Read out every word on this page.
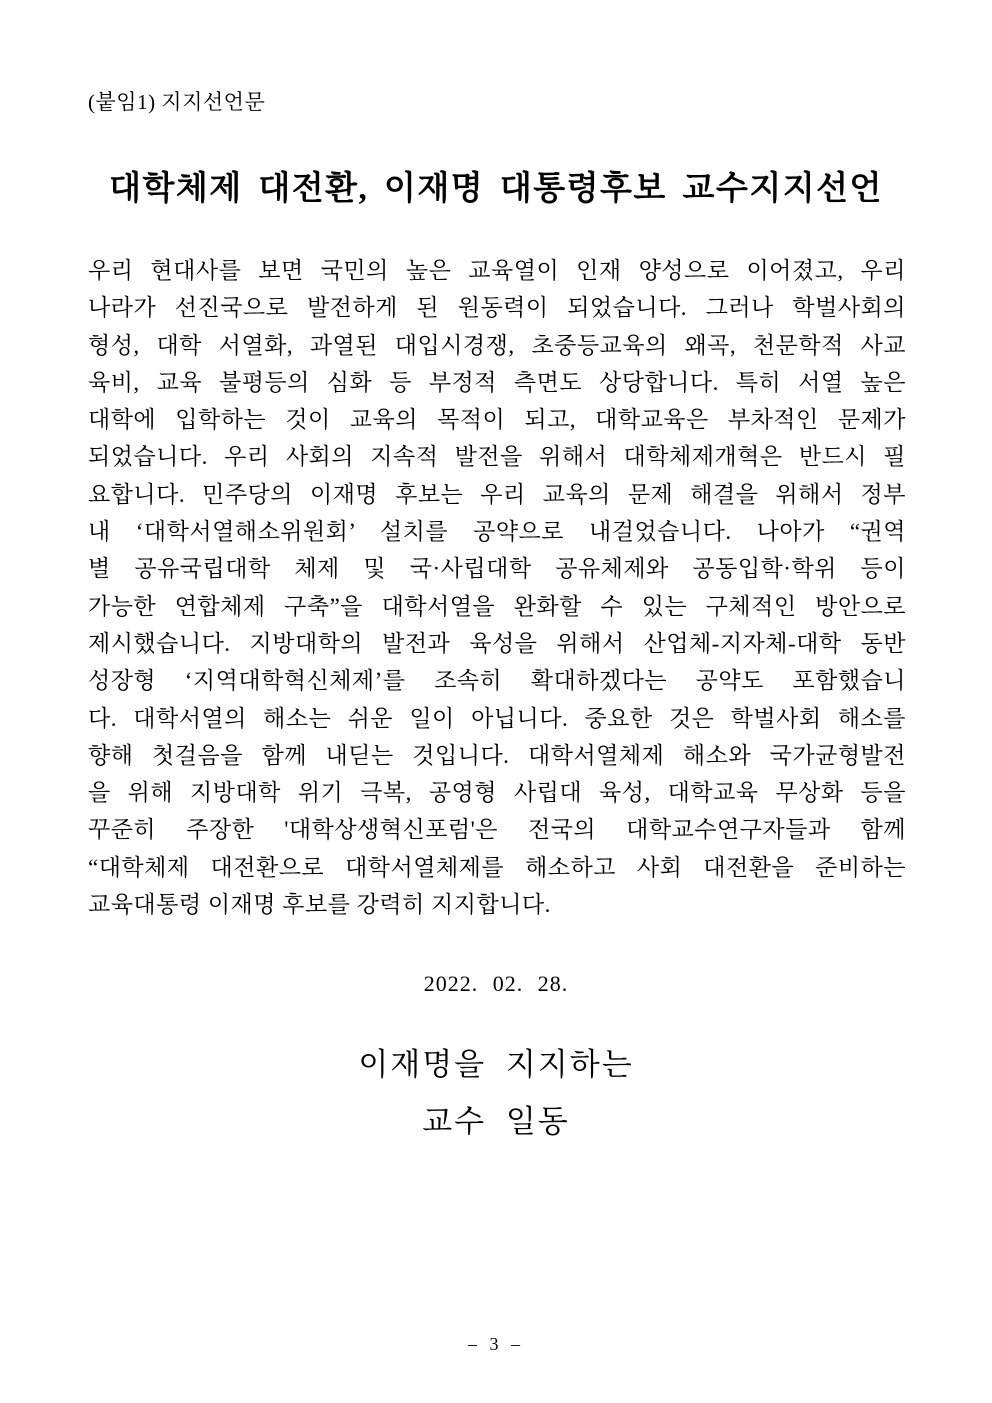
(붙임1) 지지선언문
대학체제 대전환, 이재명 대통령후보 교수지지선언
우리 현대사를 보면 국민의 높은 교육열이 인재 양성으로 이어졌고, 우리
나라가 선진국으로 발전하게 된 원동력이 되었습니다. 그러나 학벌사회의
형성, 대학 서열화, 과열된 대입시경쟁, 초중등교육의 왜곡, 천문학적 사교
육비, 교육 불평등의 심화 등 부정적 측면도 상당합니다. 특히 서열 높은
대학에 입학하는 것이 교육의 목적이 되고, 대학교육은 부차적인 문제가
되었습니다. 우리 사회의 지속적 발전을 위해서 대학체제개혁은 반드시 필
요합니다. 민주당의 이재명 후보는 우리 교육의 문제 해결을 위해서 정부
내 ‘대학서열해소위원회’ 설치를 공약으로 내걸었습니다. 나아가 “권역
별 공유국립대학 체제 및 국·사립대학 공유체제와 공동입학·학위 등이
가능한 연합체제 구축”을 대학서열을 완화할 수 있는 구체적인 방안으로
제시했습니다. 지방대학의 발전과 육성을 위해서 산업체-지자체-대학 동반
성장형 ‘지역대학혁신체제’를 조속히 확대하겠다는 공약도 포함했습니
다. 대학서열의 해소는 쉬운 일이 아닙니다. 중요한 것은 학벌사회 해소를
향해 첫걸음을 함께 내딛는 것입니다. 대학서열체제 해소와 국가균형발전
을 위해 지방대학 위기 극복, 공영형 사립대 육성, 대학교육 무상화 등을
꾸준히 주장한 '대학상생혁신포럼'은 전국의 대학교수연구자들과 함께
“대학체제 대전환으로 대학서열체제를 해소하고 사회 대전환을 준비하는
교육대통령 이재명 후보를 강력히 지지합니다.
2022. 02. 28.
이재명을 지지하는
교수 일동
– 3 –
